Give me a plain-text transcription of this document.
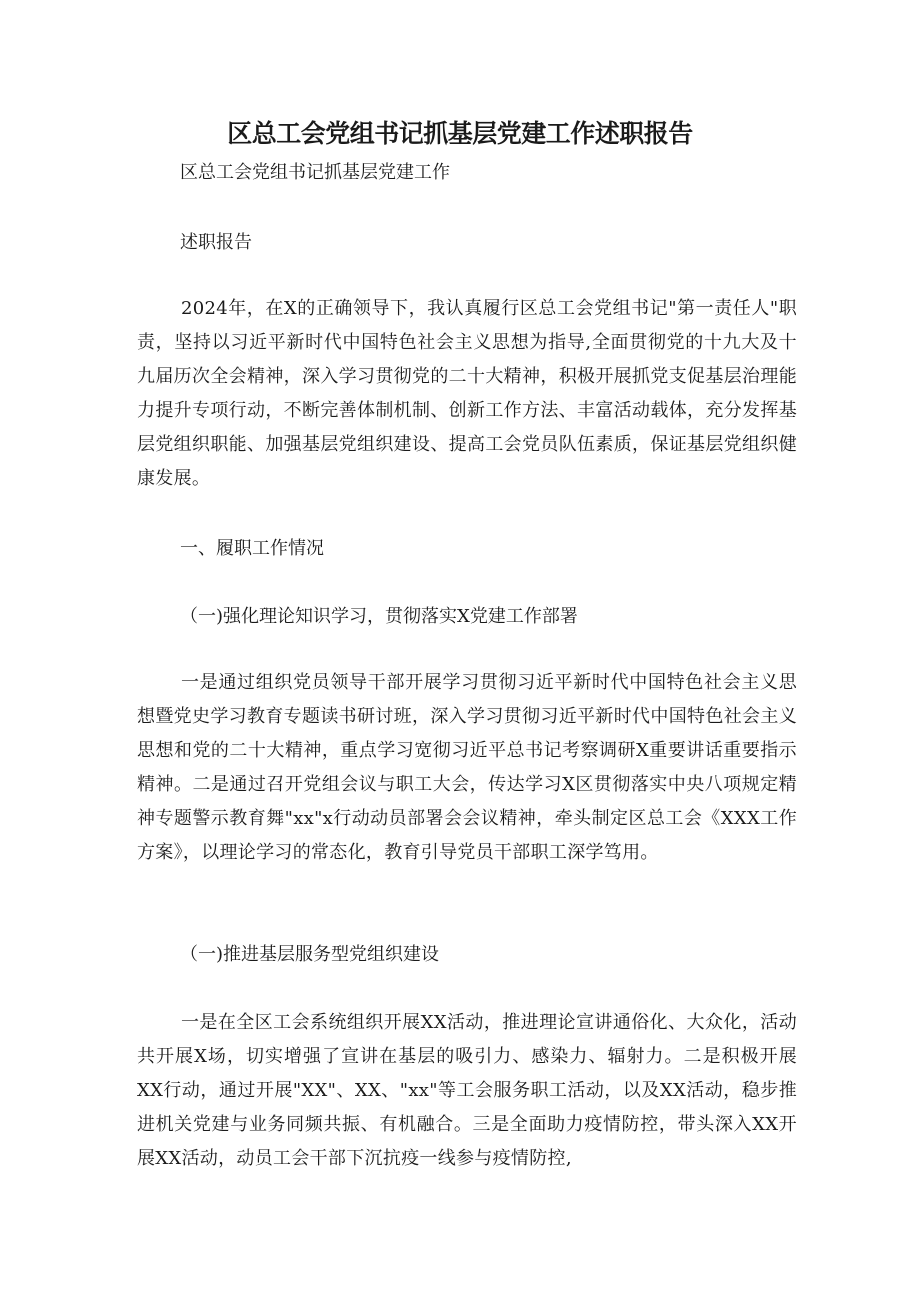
区总工会党组书记抓基层党建工作述职报告

区总工会党组书记抓基层党建工作

述职报告

2024年，在X的正确领导下，我认真履行区总工会党组书记"第一责任人"职责，坚持以习近平新时代中国特色社会主义思想为指导,全面贯彻党的十九大及十九届历次全会精神，深入学习贯彻党的二十大精神，积极开展抓党支促基层治理能力提升专项行动，不断完善体制机制、创新工作方法、丰富活动载体，充分发挥基层党组织职能、加强基层党组织建设、提高工会党员队伍素质，保证基层党组织健康发展。

一、履职工作情况

（一)强化理论知识学习，贯彻落实X党建工作部署

一是通过组织党员领导干部开展学习贯彻习近平新时代中国特色社会主义思想暨党史学习教育专题读书研讨班，深入学习贯彻习近平新时代中国特色社会主义思想和党的二十大精神，重点学习宽彻习近平总书记考察调研X重要讲话重要指示精神。二是通过召开党组会议与职工大会，传达学习X区贯彻落实中央八项规定精神专题警示教育舞"xx"x行动动员部署会会议精神，牵头制定区总工会《XXX工作方案》，以理论学习的常态化，教育引导党员干部职工深学笃用。

（一)推进基层服务型党组织建设

一是在全区工会系统组织开展XX活动，推进理论宣讲通俗化、大众化，活动共开展X场，切实增强了宣讲在基层的吸引力、感染力、辐射力。二是积极开展XX行动，通过开展"XX"、XX、"xx"等工会服务职工活动，以及XX活动，稳步推进机关党建与业务同频共振、有机融合。三是全面助力疫情防控，带头深入XX开展XX活动，动员工会干部下沉抗疫一线参与疫情防控,
